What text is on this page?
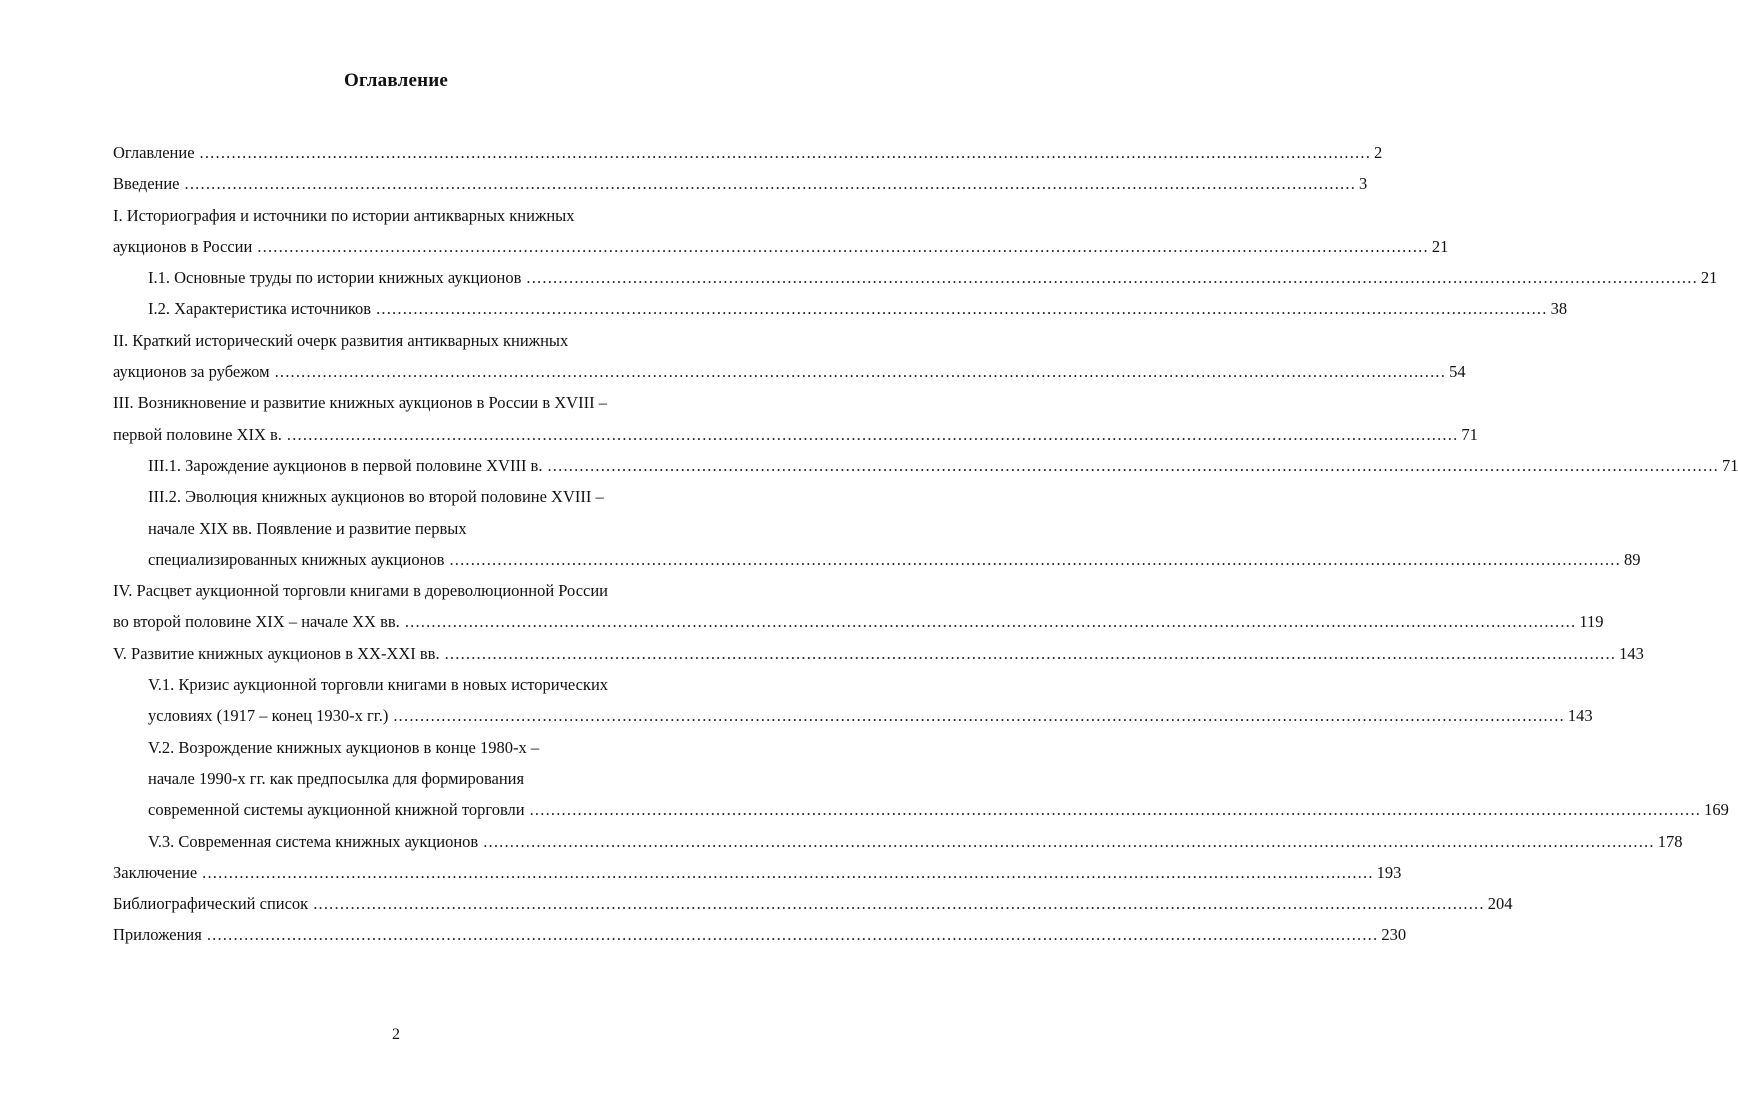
Оглавление
Оглавление ............................................................................................................................................................................................................................ 2
Введение ............................................................................................................................................................................................................................ 3
I. Историография и источники по истории антикварных книжных
аукционов в России ............................................................................................................................................................................................................................ 21
I.1. Основные труды по истории книжных аукционов ............................................................................................................................................................................................................................ 21
I.2. Характеристика источников ............................................................................................................................................................................................................................ 38
II. Краткий исторический очерк развития антикварных книжных
аукционов за рубежом ............................................................................................................................................................................................................................ 54
III. Возникновение и развитие книжных аукционов в России в XVIII –
первой половине XIX в. ............................................................................................................................................................................................................................ 71
III.1. Зарождение аукционов в первой половине XVIII в. ............................................................................................................................................................................................................................ 71
III.2. Эволюция книжных аукционов во второй половине XVIII –
начале XIX вв. Появление и развитие первых
специализированных книжных аукционов ............................................................................................................................................................................................................................ 89
IV. Расцвет аукционной торговли книгами в дореволюционной России
во второй половине XIX – начале XX вв. ............................................................................................................................................................................................................................ 119
V. Развитие книжных аукционов в XX-XXI вв. ............................................................................................................................................................................................................................ 143
V.1. Кризис аукционной торговли книгами в новых исторических
условиях (1917 – конец 1930-х гг.) ............................................................................................................................................................................................................................ 143
V.2. Возрождение книжных аукционов в конце 1980-х –
начале 1990-х гг. как предпосылка для формирования
современной системы аукционной книжной торговли ............................................................................................................................................................................................................................ 169
V.3. Современная система книжных аукционов ............................................................................................................................................................................................................................ 178
Заключение ............................................................................................................................................................................................................................ 193
Библиографический список ............................................................................................................................................................................................................................ 204
Приложения ............................................................................................................................................................................................................................ 230
2
